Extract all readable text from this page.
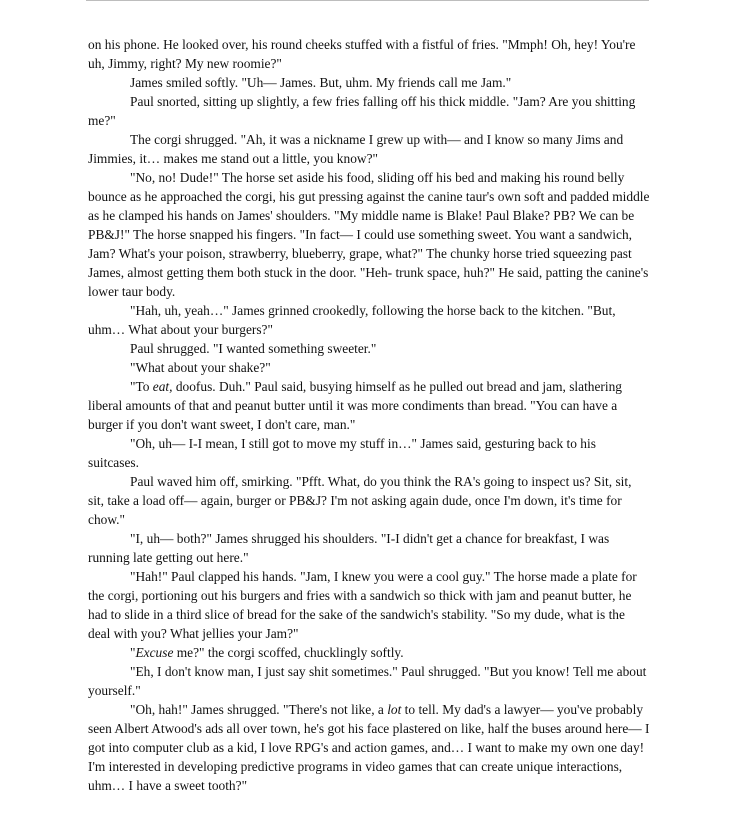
on his phone. He looked over, his round cheeks stuffed with a fistful of fries. "Mmph! Oh, hey! You're uh, Jimmy, right? My new roomie?"

James smiled softly. "Uh— James. But, uhm. My friends call me Jam."

Paul snorted, sitting up slightly, a few fries falling off his thick middle. "Jam? Are you shitting me?"

The corgi shrugged. "Ah, it was a nickname I grew up with— and I know so many Jims and Jimmies, it… makes me stand out a little, you know?"

"No, no! Dude!" The horse set aside his food, sliding off his bed and making his round belly bounce as he approached the corgi, his gut pressing against the canine taur's own soft and padded middle as he clamped his hands on James' shoulders. "My middle name is Blake! Paul Blake? PB? We can be PB&J!" The horse snapped his fingers. "In fact— I could use something sweet. You want a sandwich, Jam? What's your poison, strawberry, blueberry, grape, what?" The chunky horse tried squeezing past James, almost getting them both stuck in the door. "Heh- trunk space, huh?" He said, patting the canine's lower taur body.

"Hah, uh, yeah…" James grinned crookedly, following the horse back to the kitchen. "But, uhm… What about your burgers?"

Paul shrugged. "I wanted something sweeter."

"What about your shake?"

"To eat, doofus. Duh." Paul said, busying himself as he pulled out bread and jam, slathering liberal amounts of that and peanut butter until it was more condiments than bread. "You can have a burger if you don't want sweet, I don't care, man."

"Oh, uh— I-I mean, I still got to move my stuff in…" James said, gesturing back to his suitcases.

Paul waved him off, smirking. "Pfft. What, do you think the RA's going to inspect us? Sit, sit, sit, take a load off— again, burger or PB&J? I'm not asking again dude, once I'm down, it's time for chow."

"I, uh— both?" James shrugged his shoulders. "I-I didn't get a chance for breakfast, I was running late getting out here."

"Hah!" Paul clapped his hands. "Jam, I knew you were a cool guy." The horse made a plate for the corgi, portioning out his burgers and fries with a sandwich so thick with jam and peanut butter, he had to slide in a third slice of bread for the sake of the sandwich's stability. "So my dude, what is the deal with you? What jellies your Jam?"

"Excuse me?" the corgi scoffed, chucklingly softly.

"Eh, I don't know man, I just say shit sometimes." Paul shrugged. "But you know! Tell me about yourself."

"Oh, hah!" James shrugged. "There's not like, a lot to tell. My dad's a lawyer— you've probably seen Albert Atwood's ads all over town, he's got his face plastered on like, half the buses around here— I got into computer club as a kid, I love RPG's and action games, and… I want to make my own one day! I'm interested in developing predictive programs in video games that can create unique interactions, uhm… I have a sweet tooth?"
